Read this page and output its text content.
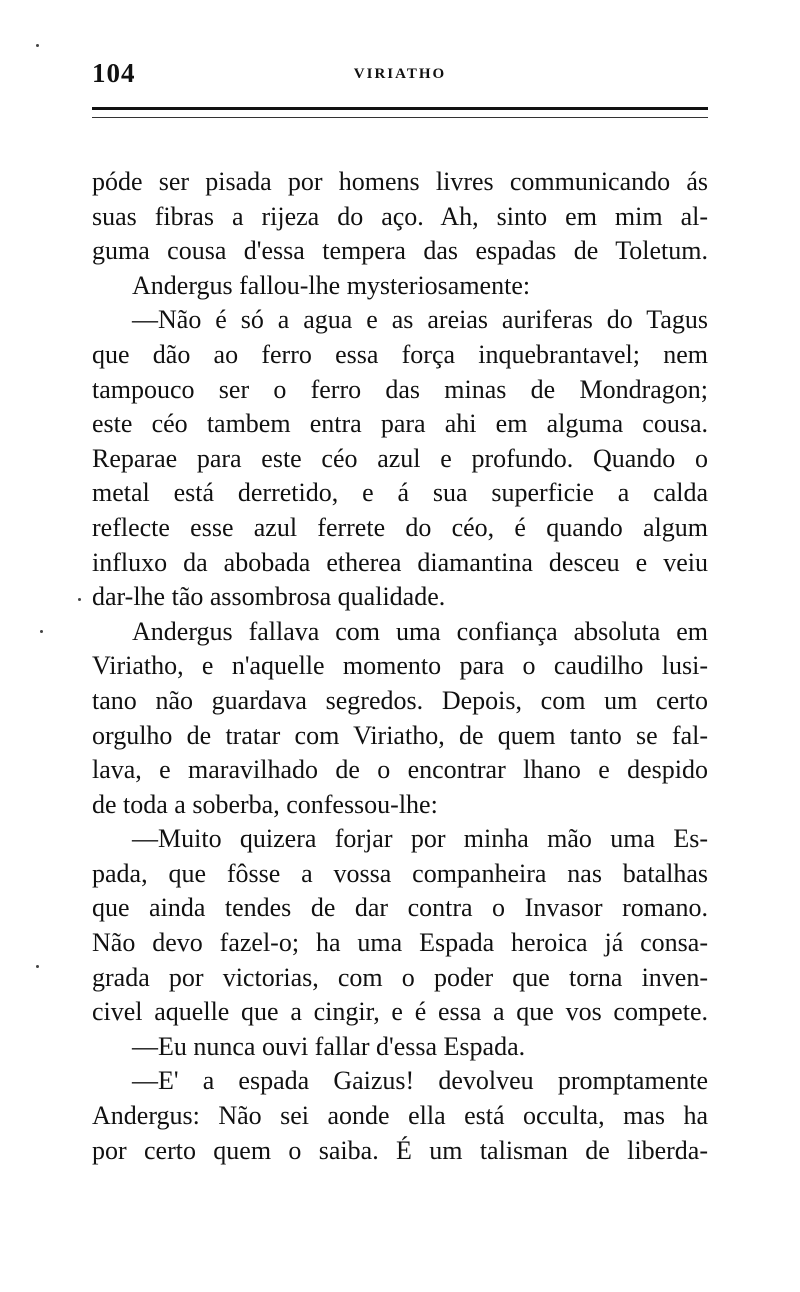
104	VIRIATHO
póde ser pisada por homens livres communicando ás
suas fibras a rijeza do aço. Ah, sinto em mim al-
guma cousa d'essa tempera das espadas de Toletum.
Andergus fallou-lhe mysteriosamente:
—Não é só a agua e as areias auriferas do Tagus
que dão ao ferro essa força inquebrantavel; nem
tampouco ser o ferro das minas de Mondragon;
este céo tambem entra para ahi em alguma cousa.
Reparae para este céo azul e profundo. Quando o
metal está derretido, e á sua superficie a calda
reflecte esse azul ferrete do céo, é quando algum
influxo da abobada etherea diamantina desceu e veiu
dar-lhe tão assombrosa qualidade.
Andergus fallava com uma confiança absoluta em
Viriatho, e n'aquelle momento para o caudilho lusi-
tano não guardava segredos. Depois, com um certo
orgulho de tratar com Viriatho, de quem tanto se fal-
lava, e maravilhado de o encontrar lhano e despido
de toda a soberba, confessou-lhe:
—Muito quizera forjar por minha mão uma Es-
pada, que fôsse a vossa companheira nas batalhas
que ainda tendes de dar contra o Invasor romano.
Não devo fazel-o; ha uma Espada heroica já consa-
grada por victorias, com o poder que torna inven-
civel aquelle que a cingir, e é essa a que vos compete.
—Eu nunca ouvi fallar d'essa Espada.
—E' a espada Gaizus! devolveu promptamente
Andergus: Não sei aonde ella está occulta, mas ha
por certo quem o saiba. É um talisman de liberda-
